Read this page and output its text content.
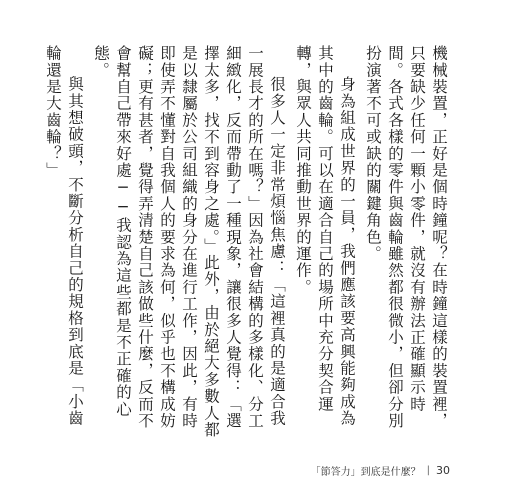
機械裝置，正好是個時鐘呢？在時鐘這樣的裝置裡，只要缺少任何一顆小零件，就沒有辦法正確顯示時間。各式各樣的零件與齒輪雖然都很微小，但卻分別扮演著不可或缺的關鍵角色。

身為組成世界的一員，我們應該要高興能夠成為其中的齒輪。可以在適合自己的場所中充分契合運轉，與眾人共同推動世界的運作。

很多人一定非常煩惱焦慮：「這裡真的是適合我一展長才的所在嗎？」因為社會結構的多樣化、分工細緻化，反而帶動了一種現象，讓很多人覺得：「選擇太多，找不到容身之處。」此外，由於絕大多數人都是以隸屬於公司組織的身分在進行工作，因此，有時即使弄不懂對自我個人的要求為何，似乎也不構成妨礙；更有甚者，覺得弄清楚自己該做些什麼，反而不會幫自己帶來好處──我認為這些都是不正確的心態。

與其想破頭，不斷分析自己的規格到底是「小齒輪還是大齒輪？」

「節答力」到底是什麼？ | 30
